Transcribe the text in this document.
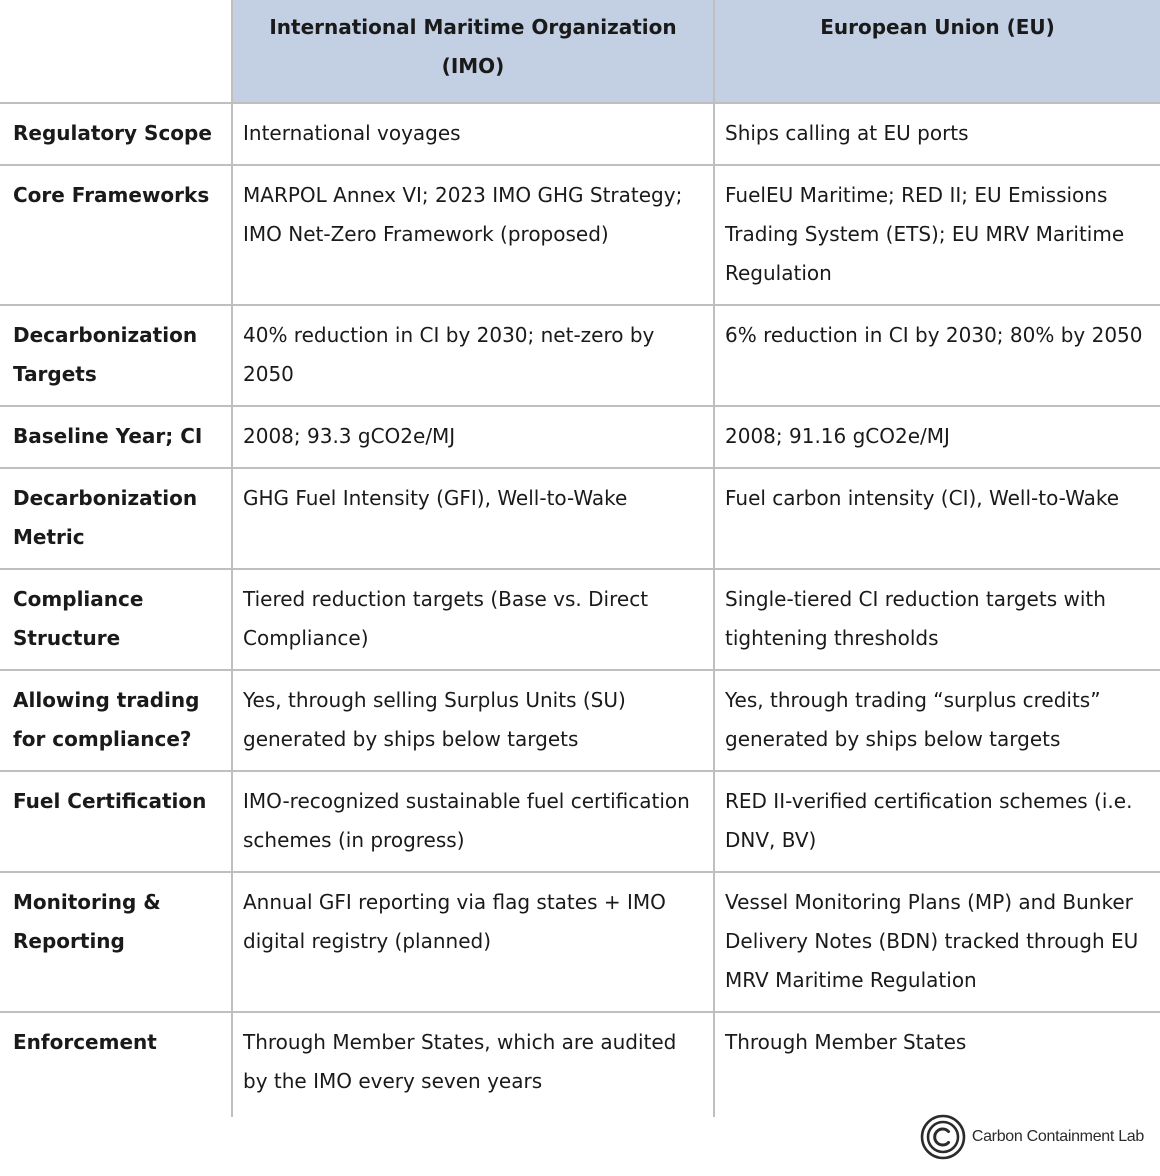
	International Maritime Organization (IMO)	European Union (EU)
Regulatory Scope	International voyages	Ships calling at EU ports
Core Frameworks	MARPOL Annex VI; 2023 IMO GHG Strategy; IMO Net-Zero Framework (proposed)	FuelEU Maritime; RED II; EU Emissions Trading System (ETS); EU MRV Maritime Regulation
Decarbonization Targets	40% reduction in CI by 2030; net-zero by 2050	6% reduction in CI by 2030; 80% by 2050
Baseline Year; CI	2008; 93.3 gCO2e/MJ	2008; 91.16 gCO2e/MJ
Decarbonization Metric	GHG Fuel Intensity (GFI), Well-to-Wake	Fuel carbon intensity (CI), Well-to-Wake
Compliance Structure	Tiered reduction targets (Base vs. Direct Compliance)	Single-tiered CI reduction targets with tightening thresholds
Allowing trading for compliance?	Yes, through selling Surplus Units (SU) generated by ships below targets	Yes, through trading “surplus credits” generated by ships below targets
Fuel Certification	IMO-recognized sustainable fuel certification schemes (in progress)	RED II-verified certification schemes (i.e. DNV, BV)
Monitoring & Reporting	Annual GFI reporting via flag states + IMO digital registry (planned)	Vessel Monitoring Plans (MP) and Bunker Delivery Notes (BDN) tracked through EU MRV Maritime Regulation
Enforcement	Through Member States, which are audited by the IMO every seven years	Through Member States
Carbon Containment Lab
